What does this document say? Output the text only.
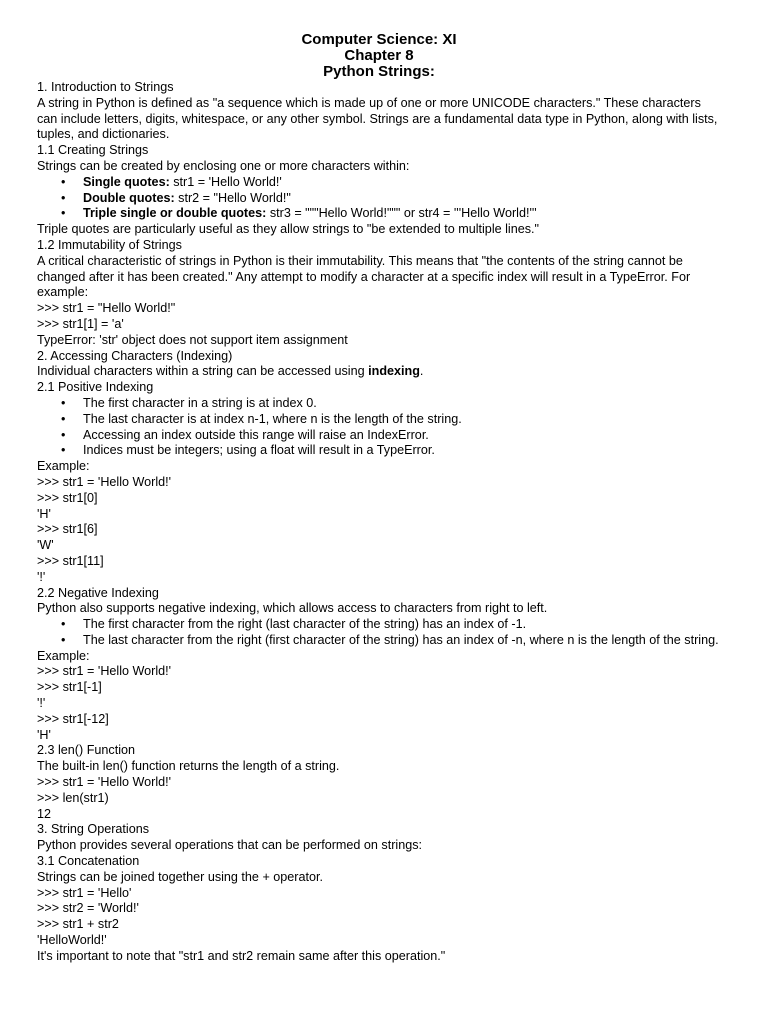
Computer Science: XI
Chapter 8
Python Strings:

1. Introduction to Strings

A string in Python is defined as "a sequence which is made up of one or more UNICODE characters." These characters can include letters, digits, whitespace, or any other symbol. Strings are a fundamental data type in Python, along with lists, tuples, and dictionaries.

1.1 Creating Strings

Strings can be created by enclosing one or more characters within:

• Single quotes: str1 = 'Hello World!'
• Double quotes: str2 = "Hello World!"
• Triple single or double quotes: str3 = """Hello World!""" or str4 = '''Hello World!'''

Triple quotes are particularly useful as they allow strings to "be extended to multiple lines."

1.2 Immutability of Strings

A critical characteristic of strings in Python is their immutability. This means that "the contents of the string cannot be changed after it has been created." Any attempt to modify a character at a specific index will result in a TypeError. For example:

>>> str1 = "Hello World!"

>>> str1[1] = 'a'

TypeError: 'str' object does not support item assignment

2. Accessing Characters (Indexing)

Individual characters within a string can be accessed using indexing.

2.1 Positive Indexing

• The first character in a string is at index 0.
• The last character is at index n-1, where n is the length of the string.
• Accessing an index outside this range will raise an IndexError.
• Indices must be integers; using a float will result in a TypeError.

Example:

>>> str1 = 'Hello World!'

>>> str1[0]

'H'

>>> str1[6]

'W'

>>> str1[11]

'!'

2.2 Negative Indexing

Python also supports negative indexing, which allows access to characters from right to left.

• The first character from the right (last character of the string) has an index of -1.
• The last character from the right (first character of the string) has an index of -n, where n is the length of the string.

Example:

>>> str1 = 'Hello World!'

>>> str1[-1]

'!'

>>> str1[-12]

'H'

2.3 len() Function

The built-in len() function returns the length of a string.

>>> str1 = 'Hello World!'

>>> len(str1)

12

3. String Operations

Python provides several operations that can be performed on strings:

3.1 Concatenation

Strings can be joined together using the + operator.

>>> str1 = 'Hello'

>>> str2 = 'World!'

>>> str1 + str2

'HelloWorld!'

It's important to note that "str1 and str2 remain same after this operation."
